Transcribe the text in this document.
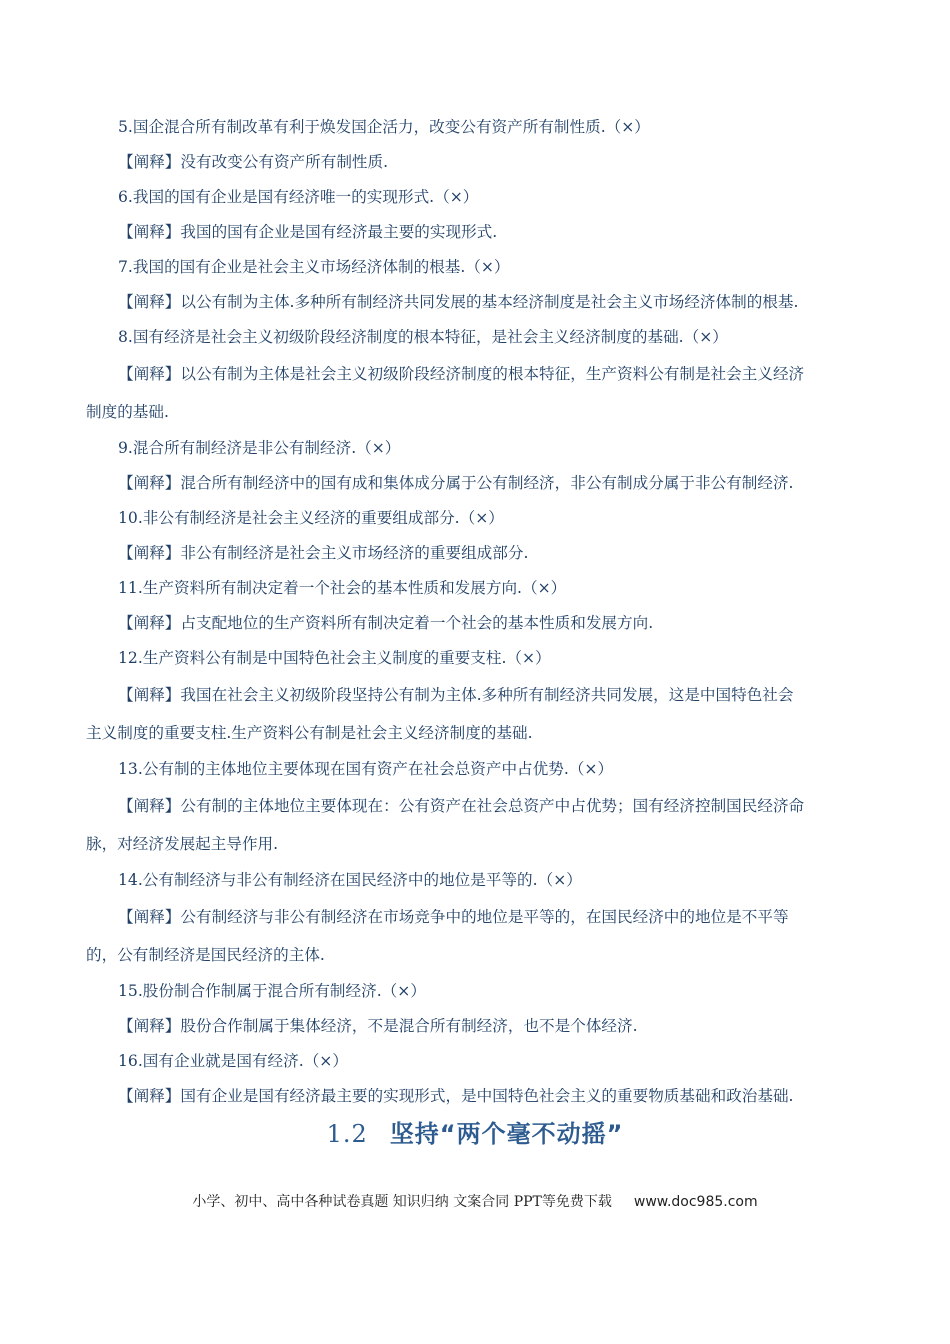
5.国企混合所有制改革有利于焕发国企活力，改变公有资产所有制性质.（×）
【阐释】没有改变公有资产所有制性质.
6.我国的国有企业是国有经济唯一的实现形式.（×）
【阐释】我国的国有企业是国有经济最主要的实现形式.
7.我国的国有企业是社会主义市场经济体制的根基.（×）
【阐释】以公有制为主体.多种所有制经济共同发展的基本经济制度是社会主义市场经济体制的根基.
8.国有经济是社会主义初级阶段经济制度的根本特征，是社会主义经济制度的基础.（×）
【阐释】以公有制为主体是社会主义初级阶段经济制度的根本特征，生产资料公有制是社会主义经济
制度的基础.
9.混合所有制经济是非公有制经济.（×）
【阐释】混合所有制经济中的国有成和集体成分属于公有制经济，非公有制成分属于非公有制经济.
10.非公有制经济是社会主义经济的重要组成部分.（×）
【阐释】非公有制经济是社会主义市场经济的重要组成部分.
11.生产资料所有制决定着一个社会的基本性质和发展方向.（×）
【阐释】占支配地位的生产资料所有制决定着一个社会的基本性质和发展方向.
12.生产资料公有制是中国特色社会主义制度的重要支柱.（×）
【阐释】我国在社会主义初级阶段坚持公有制为主体.多种所有制经济共同发展，这是中国特色社会
主义制度的重要支柱.生产资料公有制是社会主义经济制度的基础.
13.公有制的主体地位主要体现在国有资产在社会总资产中占优势.（×）
【阐释】公有制的主体地位主要体现在：公有资产在社会总资产中占优势；国有经济控制国民经济命
脉，对经济发展起主导作用.
14.公有制经济与非公有制经济在国民经济中的地位是平等的.（×）
【阐释】公有制经济与非公有制经济在市场竞争中的地位是平等的，在国民经济中的地位是不平等
的，公有制经济是国民经济的主体.
15.股份制合作制属于混合所有制经济.（×）
【阐释】股份合作制属于集体经济，不是混合所有制经济，也不是个体经济.
16.国有企业就是国有经济.（×）
【阐释】国有企业是国有经济最主要的实现形式，是中国特色社会主义的重要物质基础和政治基础.
1.2 坚持“两个毫不动摇”
小学、初中、高中各种试卷真题 知识归纳 文案合同 PPT等免费下载 www.doc985.com
